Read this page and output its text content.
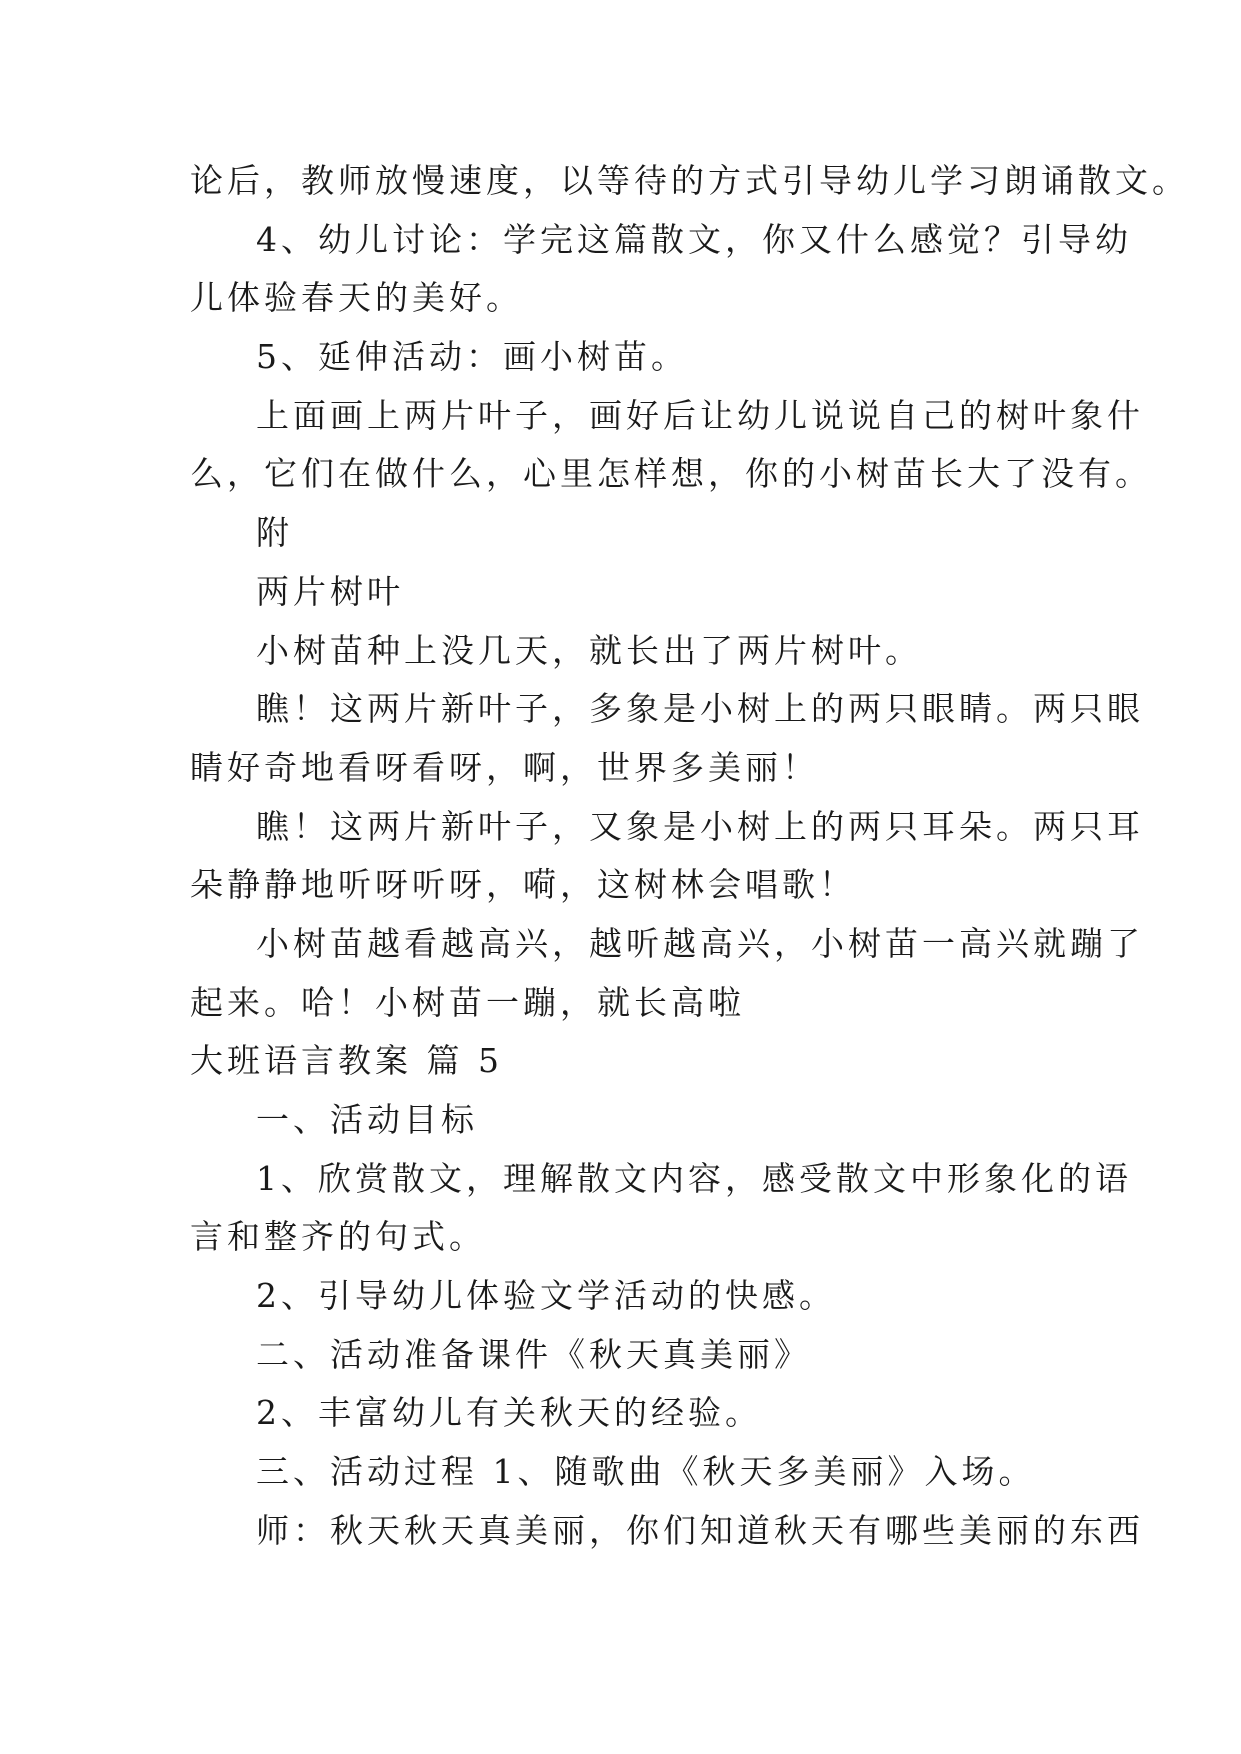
论后，教师放慢速度，以等待的方式引导幼儿学习朗诵散文。
4、幼儿讨论：学完这篇散文，你又什么感觉？引导幼
儿体验春天的美好。
5、延伸活动：画小树苗。
上面画上两片叶子，画好后让幼儿说说自己的树叶象什
么，它们在做什么，心里怎样想，你的小树苗长大了没有。
附
两片树叶
小树苗种上没几天，就长出了两片树叶。
瞧！这两片新叶子，多象是小树上的两只眼睛。两只眼
睛好奇地看呀看呀，啊，世界多美丽！
瞧！这两片新叶子，又象是小树上的两只耳朵。两只耳
朵静静地听呀听呀，嗬，这树林会唱歌！
小树苗越看越高兴，越听越高兴，小树苗一高兴就蹦了
起来。哈！小树苗一蹦，就长高啦
大班语言教案 篇 5
一、活动目标
1、欣赏散文，理解散文内容，感受散文中形象化的语
言和整齐的句式。
2、引导幼儿体验文学活动的快感。
二、活动准备课件《秋天真美丽》
2、丰富幼儿有关秋天的经验。
三、活动过程 1、随歌曲《秋天多美丽》入场。
师：秋天秋天真美丽，你们知道秋天有哪些美丽的东西
